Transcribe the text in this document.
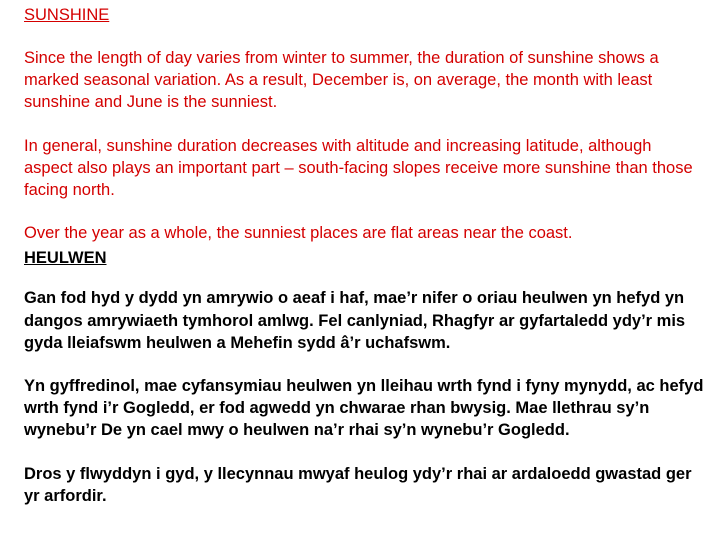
SUNSHINE

Since the length of day varies from winter to summer, the duration of sunshine shows a marked seasonal variation. As a result, December is, on average, the month with least sunshine and June is the sunniest.

In general, sunshine duration decreases with altitude and increasing latitude, although aspect also plays an important part – south-facing slopes receive more sunshine than those facing north.

Over the year as a whole, the sunniest places are flat areas near the coast.

HEULWEN

Gan fod hyd y dydd yn amrywio o aeaf i haf, mae’r nifer o oriau heulwen yn hefyd yn dangos amrywiaeth tymhorol amlwg. Fel canlyniad, Rhagfyr ar gyfartaledd ydy’r mis gyda lleiafswm heulwen a Mehefin sydd â’r uchafswm.

Yn gyffredinol, mae cyfansymiau heulwen yn lleihau wrth fynd i fyny mynydd, ac hefyd wrth fynd i’r Gogledd, er fod agwedd yn chwarae rhan bwysig. Mae llethrau sy’n wynebu’r De yn cael mwy o heulwen na’r rhai sy’n wynebu’r Gogledd.

Dros y flwyddyn i gyd, y llecynnau mwyaf heulog ydy’r rhai ar ardaloedd gwastad ger yr arfordir.
